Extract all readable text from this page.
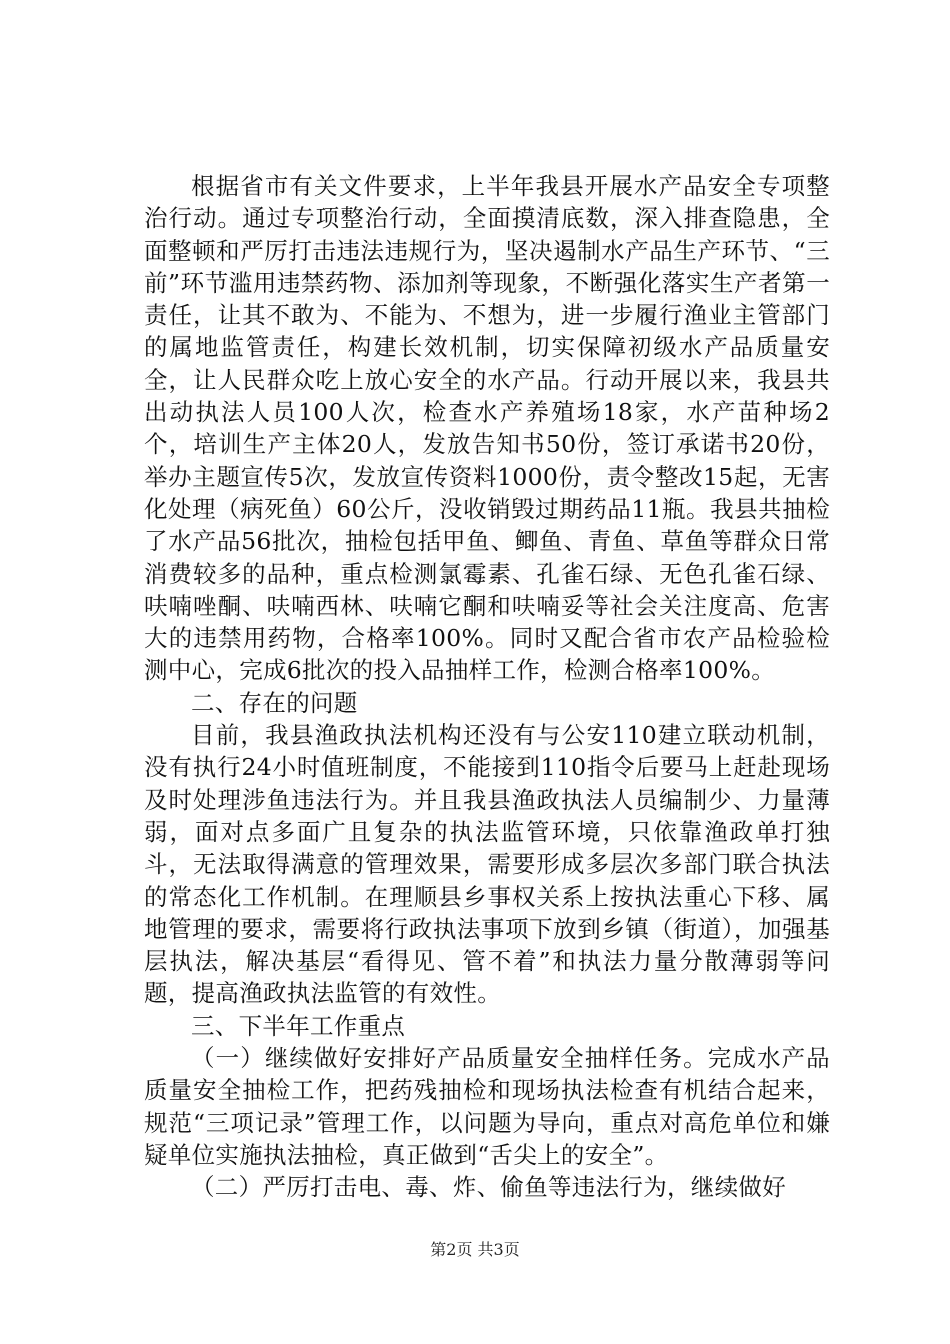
根据省市有关文件要求，上半年我县开展水产品安全专项整治行动。通过专项整治行动，全面摸清底数，深入排查隐患，全面整顿和严厉打击违法违规行为，坚决遏制水产品生产环节、“三前”环节滥用违禁药物、添加剂等现象，不断强化落实生产者第一责任，让其不敢为、不能为、不想为，进一步履行渔业主管部门的属地监管责任，构建长效机制，切实保障初级水产品质量安全，让人民群众吃上放心安全的水产品。行动开展以来，我县共出动执法人员100人次，检查水产养殖场18家，水产苗种场2个，培训生产主体20人，发放告知书50份，签订承诺书20份，举办主题宣传5次，发放宣传资料1000份，责令整改15起，无害化处理（病死鱼）60公斤，没收销毁过期药品11瓶。我县共抽检了水产品56批次，抽检包括甲鱼、鲫鱼、青鱼、草鱼等群众日常消费较多的品种，重点检测氯霉素、孔雀石绿、无色孔雀石绿、呋喃唑酮、呋喃西林、呋喃它酮和呋喃妥等社会关注度高、危害大的违禁用药物，合格率100%。同时又配合省市农产品检验检测中心，完成6批次的投入品抽样工作，检测合格率100%。

二、存在的问题

目前，我县渔政执法机构还没有与公安110建立联动机制，没有执行24小时值班制度，不能接到110指令后要马上赶赴现场及时处理涉鱼违法行为。并且我县渔政执法人员编制少、力量薄弱，面对点多面广且复杂的执法监管环境，只依靠渔政单打独斗，无法取得满意的管理效果，需要形成多层次多部门联合执法的常态化工作机制。在理顺县乡事权关系上按执法重心下移、属地管理的要求，需要将行政执法事项下放到乡镇（街道），加强基层执法，解决基层“看得见、管不着”和执法力量分散薄弱等问题，提高渔政执法监管的有效性。

三、下半年工作重点

（一）继续做好安排好产品质量安全抽样任务。完成水产品质量安全抽检工作，把药残抽检和现场执法检查有机结合起来，规范“三项记录”管理工作，以问题为导向，重点对高危单位和嫌疑单位实施执法抽检，真正做到“舌尖上的安全”。

（二）严厉打击电、毒、炸、偷鱼等违法行为，继续做好

第2页 共3页
